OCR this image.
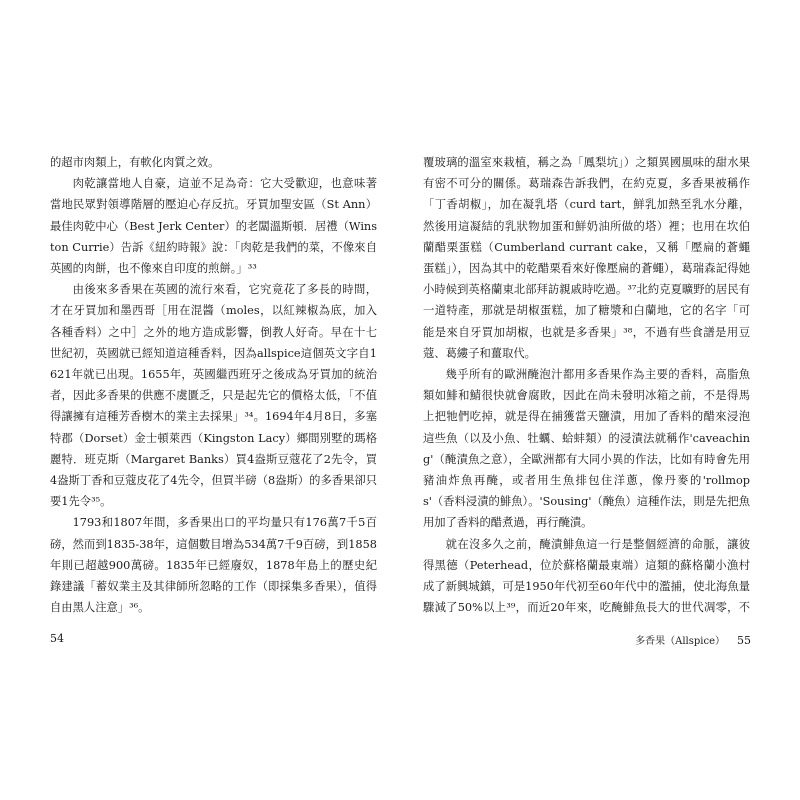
的超市肉類上，有軟化肉質之效。

肉乾讓當地人自豪，這並不足為奇：它大受歡迎，也意味著當地民眾對領導階層的壓迫心存反抗。牙買加聖安區（St Ann）最佳肉乾中心（Best Jerk Center）的老闆溫斯頓．居禮（Winston Currie）告訴《紐約時報》說：「肉乾是我們的菜，不像來自英國的肉餅，也不像來自印度的煎餅。」³³

由後來多香果在英國的流行來看，它究竟花了多長的時間，才在牙買加和墨西哥［用在混醬（moles，以紅辣椒為底，加入各種香料）之中］之外的地方造成影響，倒教人好奇。早在十七世紀初，英國就已經知道這種香料，因為allspice這個英文字自1621年就已出現。1655年，英國繼西班牙之後成為牙買加的統治者，因此多香果的供應不虞匱乏，只是起先它的價格太低，「不值得讓擁有這種芳香樹木的業主去採果」³⁴。1694年4月8日，多塞特郡（Dorset）金士頓萊西（Kingston Lacy）鄉間別墅的瑪格麗特．班克斯（Margaret Banks）買4盎斯豆蔻花了2先令，買4盎斯丁香和豆蔻皮花了4先令，但買半磅（8盎斯）的多香果卻只要1先令³⁵。

1793和1807年間，多香果出口的平均量只有176萬7千5百磅，然而到1835-38年，這個數目增為534萬7千9百磅，到1858年則已超越900萬磅。1835年已經廢奴，1878年島上的歷史紀錄建議「蓄奴業主及其律師所忽略的工作（即採集多香果），值得自由黑人注意」³⁶。

覆玻璃的溫室來栽植，稱之為「鳳梨坑」）之類異國風味的甜水果有密不可分的關係。葛瑞森告訴我們，在約克夏，多香果被稱作「丁香胡椒」，加在凝乳塔（curd tart，鮮乳加熱至乳水分離，然後用這凝結的乳狀物加蛋和鮮奶油所做的塔）裡；也用在坎伯蘭醋栗蛋糕（Cumberland currant cake，又稱「壓扁的蒼蠅蛋糕」），因為其中的乾醋栗看來好像壓扁的蒼蠅），葛瑞森記得她小時候到英格蘭東北部拜訪親戚時吃過。³⁷北約克夏曠野的居民有一道特產，那就是胡椒蛋糕，加了糖漿和白蘭地，它的名字「可能是來自牙買加胡椒，也就是多香果」³⁸，不過有些食譜是用豆蔻、葛縷子和薑取代。

幾乎所有的歐洲醃泡汁都用多香果作為主要的香料，高脂魚類如鯡和鯖很快就會腐敗，因此在尚未發明冰箱之前，不是得馬上把牠們吃掉，就是得在捕獲當天鹽漬，用加了香料的醋來浸泡這些魚（以及小魚、牡蠣、蛤蚌類）的浸漬法就稱作'caveaching'（醃漬魚之意），全歐洲都有大同小異的作法，比如有時會先用豬油炸魚再醃，或者用生魚排包住洋蔥，像丹麥的'rollmops'（香料浸漬的鯡魚）。'Sousing'（醃魚）這種作法，則是先把魚用加了香料的醋煮過，再行醃漬。

就在沒多久之前，醃漬鯡魚這一行是整個經濟的命脈，讓彼得黑德（Peterhead，位於蘇格蘭最東端）這類的蘇格蘭小漁村成了新興城鎮，可是1950年代初至60年代中的濫捕，使北海魚量驟減了50%以上³⁹，而近20年來，吃醃鯡魚長大的世代凋零，不

54	多香果（Allspice） 55
